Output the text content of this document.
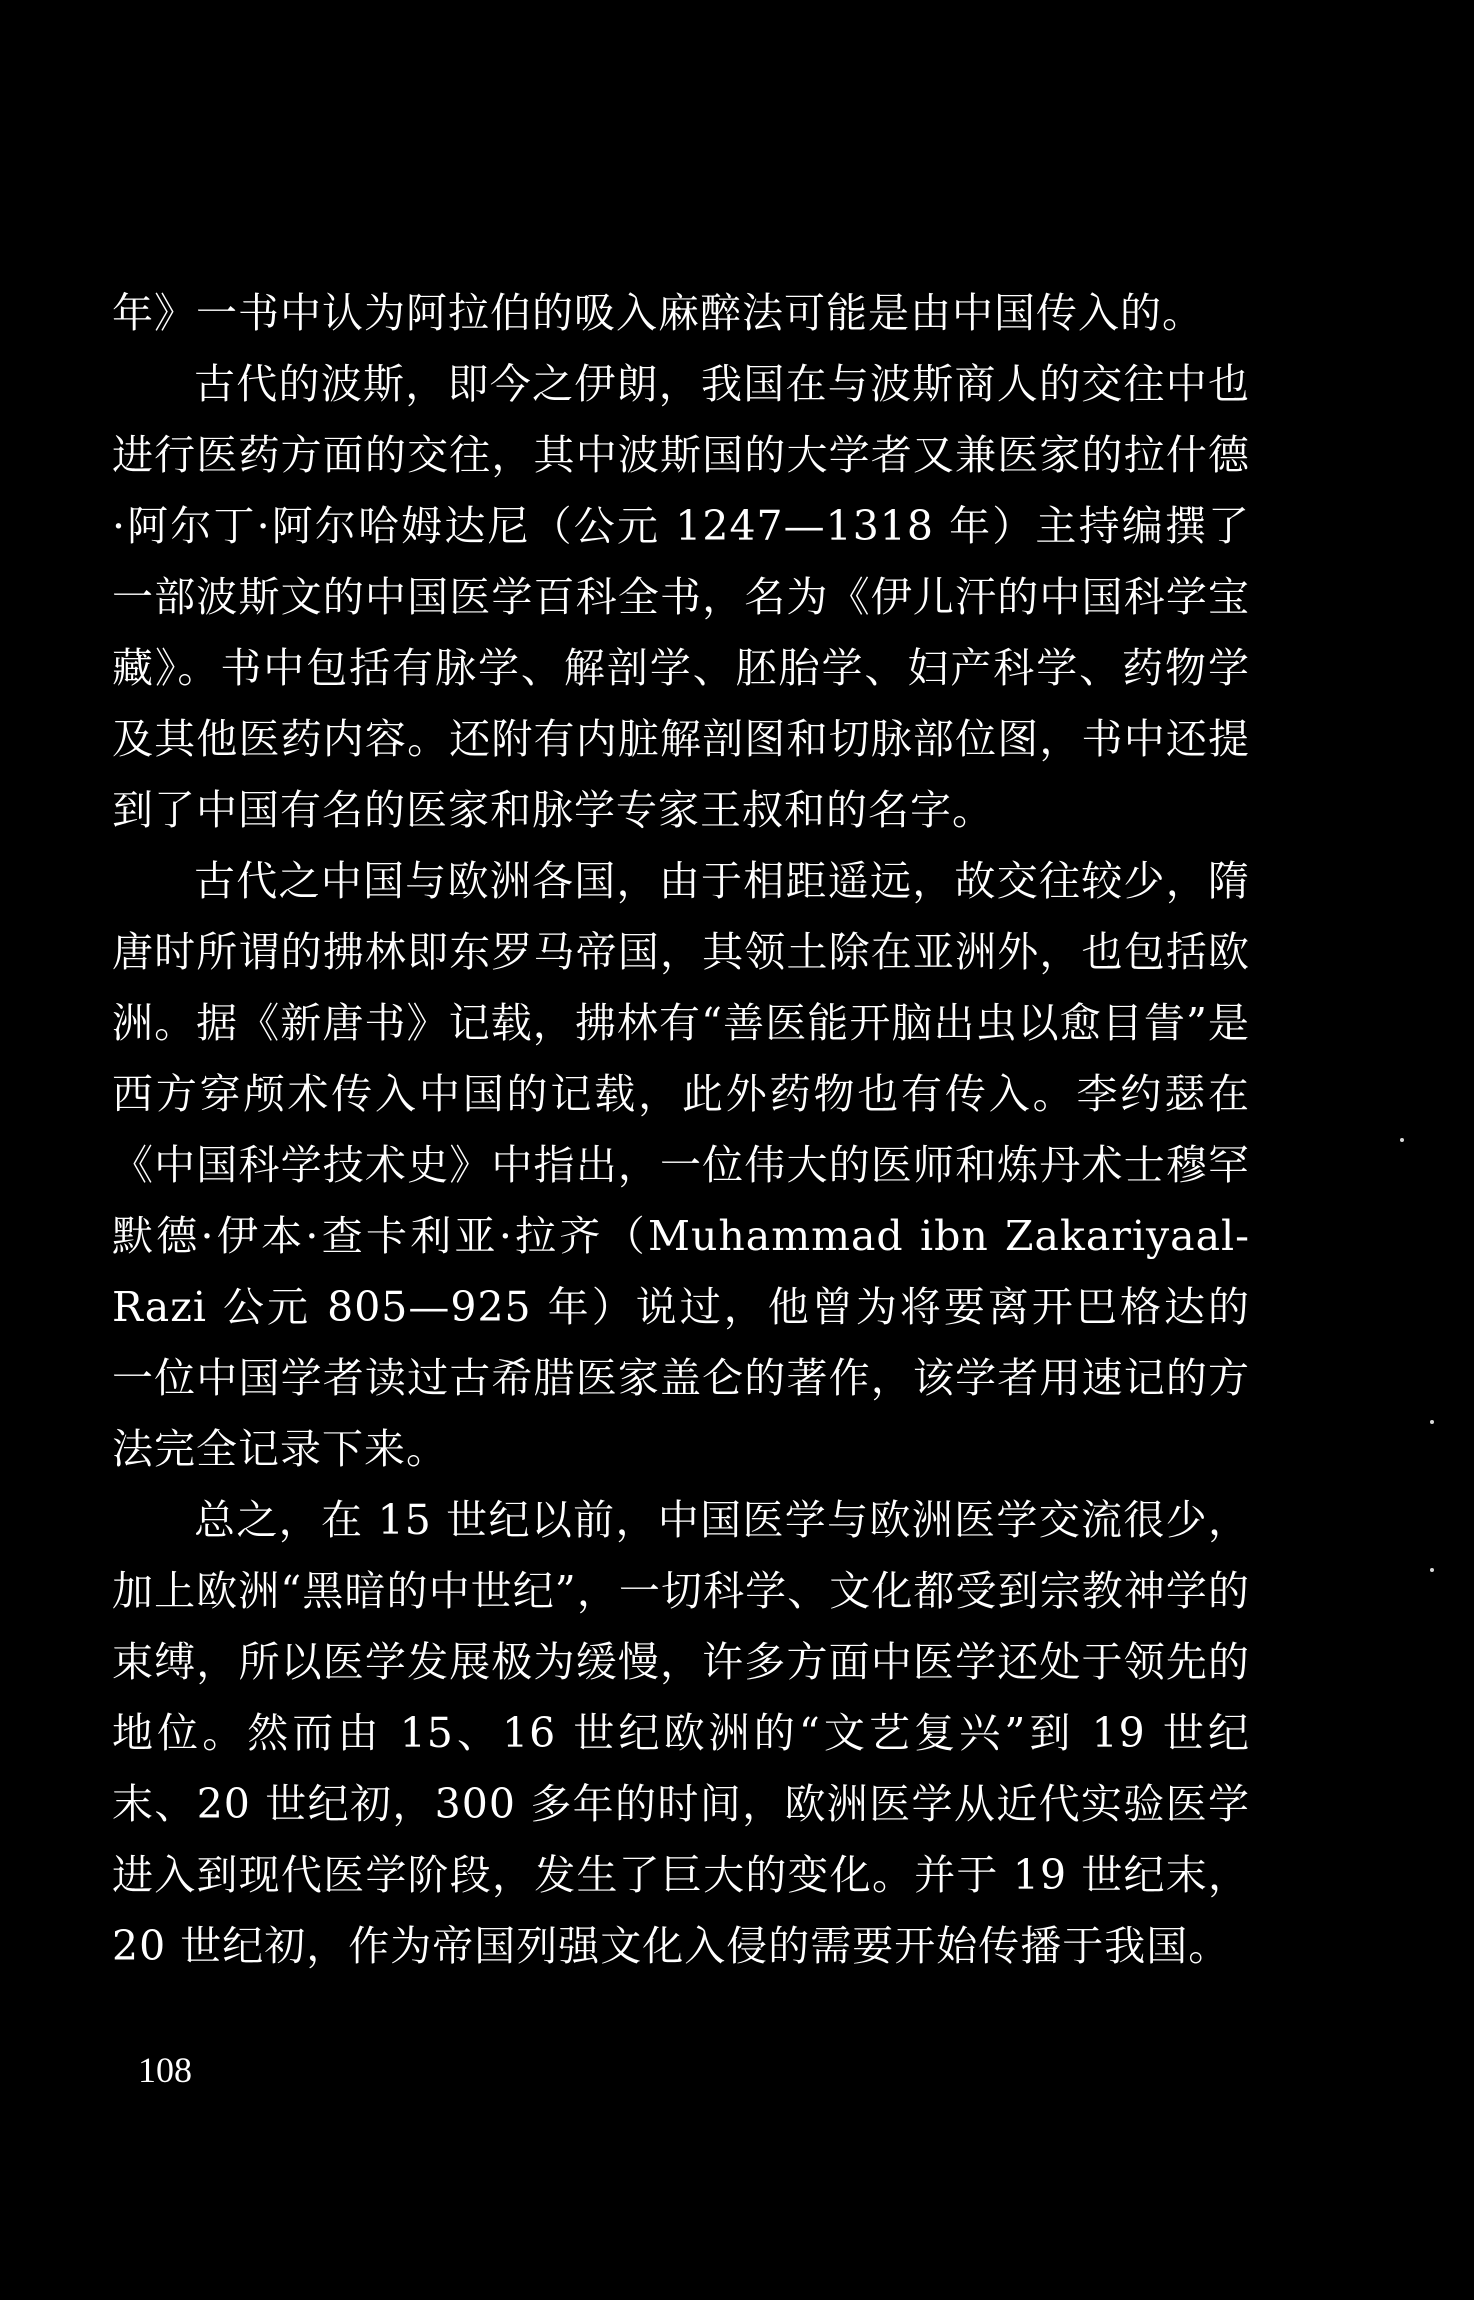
年》一书中认为阿拉伯的吸入麻醉法可能是由中国传入的。

古代的波斯，即今之伊朗，我国在与波斯商人的交往中也进行医药方面的交往，其中波斯国的大学者又兼医家的拉什德·阿尔丁·阿尔哈姆达尼（公元 1247—1318 年）主持编撰了一部波斯文的中国医学百科全书，名为《伊儿汗的中国科学宝藏》。书中包括有脉学、解剖学、胚胎学、妇产科学、药物学及其他医药内容。还附有内脏解剖图和切脉部位图，书中还提到了中国有名的医家和脉学专家王叔和的名字。

古代之中国与欧洲各国，由于相距遥远，故交往较少，隋唐时所谓的拂林即东罗马帝国，其领土除在亚洲外，也包括欧洲。据《新唐书》记载，拂林有“善医能开脑出虫以愈目眚”是西方穿颅术传入中国的记载，此外药物也有传入。李约瑟在《中国科学技术史》中指出，一位伟大的医师和炼丹术士穆罕默德·伊本·查卡利亚·拉齐（Muhammad ibn Zakariyaal-Razi 公元 805—925 年）说过，他曾为将要离开巴格达的一位中国学者读过古希腊医家盖仑的著作，该学者用速记的方法完全记录下来。

总之，在 15 世纪以前，中国医学与欧洲医学交流很少，加上欧洲“黑暗的中世纪”，一切科学、文化都受到宗教神学的束缚，所以医学发展极为缓慢，许多方面中医学还处于领先的地位。然而由 15、16 世纪欧洲的“文艺复兴”到 19 世纪末、20 世纪初，300 多年的时间，欧洲医学从近代实验医学进入到现代医学阶段，发生了巨大的变化。并于 19 世纪末，20 世纪初，作为帝国列强文化入侵的需要开始传播于我国。

108
